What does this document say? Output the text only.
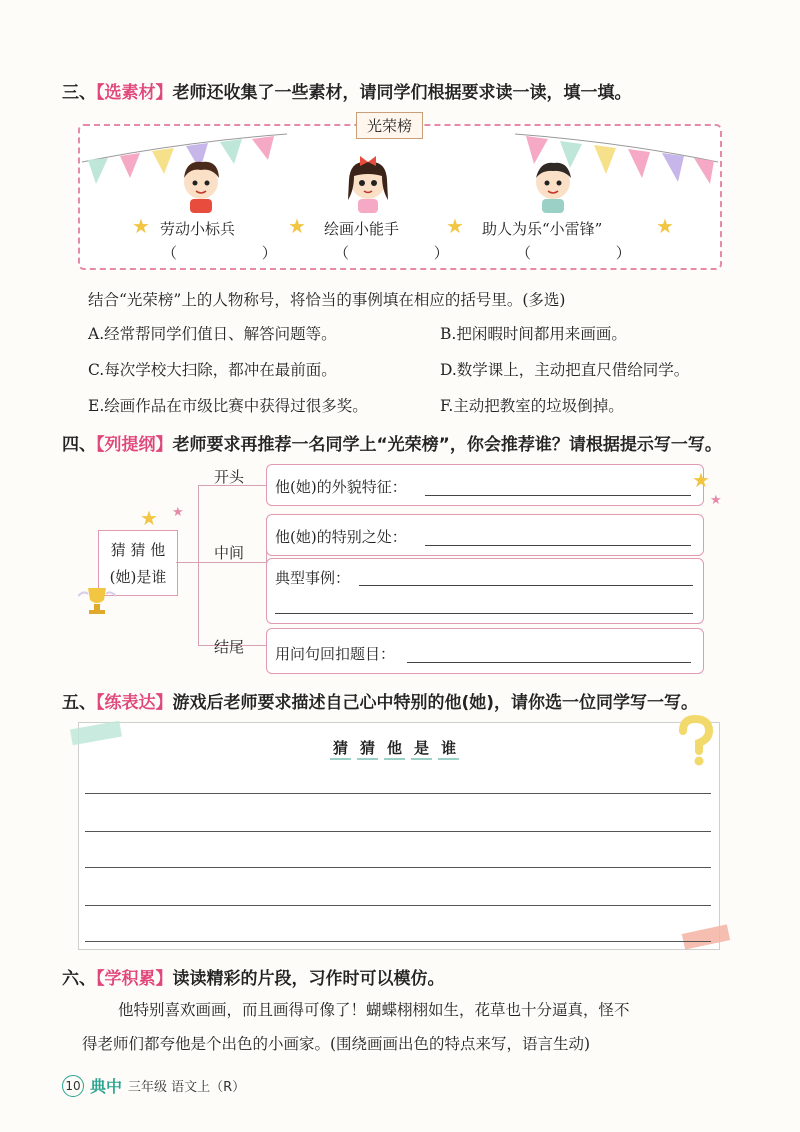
三、【选素材】老师还收集了一些素材，请同学们根据要求读一读，填一填。
光荣榜
★ 劳动小标兵
（ ）
★ 绘画小能手
（ ）
★ 助人为乐“小雷锋”
（ ）
★
结合“光荣榜”上的人物称号，将恰当的事例填在相应的括号里。(多选)
A.经常帮同学们值日、解答问题等。	B.把闲暇时间都用来画画。
C.每次学校大扫除，都冲在最前面。	D.数学课上，主动把直尺借给同学。
E.绘画作品在市级比赛中获得过很多奖。	F.主动把教室的垃圾倒掉。
四、【列提纲】老师要求再推荐一名同学上“光荣榜”，你会推荐谁？请根据提示写一写。
猜 猜 他
(她)是谁
★ ★
开头
中间
结尾
他(她)的外貌特征：	★
★
他(她)的特别之处：
典型事例：
用问句回扣题目：
五、【练表达】游戏后老师要求描述自己心中特别的他(她)，请你选一位同学写一写。
猜 猜 他 是 谁
六、【学积累】读读精彩的片段，习作时可以模仿。
他特别喜欢画画，而且画得可像了！蝴蝶栩栩如生，花草也十分逼真，怪不
得老师们都夸他是个出色的小画家。(围绕画画出色的特点来写，语言生动)
10 典中 三年级 语文上（R）
